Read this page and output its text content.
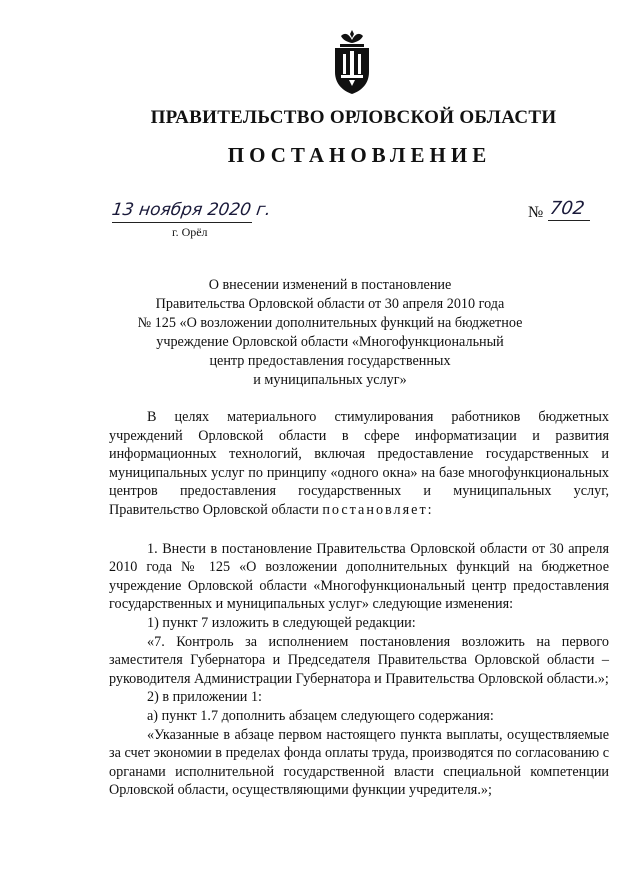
ПРАВИТЕЛЬСТВО ОРЛОВСКОЙ ОБЛАСТИ
ПОСТАНОВЛЕНИЕ
13 ноября 2020 г.
г. Орёл
№ 702
О внесении изменений в постановление
Правительства Орловской области от 30 апреля 2010 года
№ 125 «О возложении дополнительных функций на бюджетное
учреждение Орловской области «Многофункциональный
центр предоставления государственных
и муниципальных услуг»

В целях материального стимулирования работников бюджетных учреждений Орловской области в сфере информатизации и развития информационных технологий, включая предоставление государственных и муниципальных услуг по принципу «одного окна» на базе многофункциональных центров предоставления государственных и муниципальных услуг, Правительство Орловской области постановляет:

1. Внести в постановление Правительства Орловской области от 30 апреля 2010 года № 125 «О возложении дополнительных функций на бюджетное учреждение Орловской области «Многофункциональный центр предоставления государственных и муниципальных услуг» следующие изменения:

1) пункт 7 изложить в следующей редакции:

«7. Контроль за исполнением постановления возложить на первого заместителя Губернатора и Председателя Правительства Орловской области – руководителя Администрации Губернатора и Правительства Орловской области.»;

2) в приложении 1:

а) пункт 1.7 дополнить абзацем следующего содержания:

«Указанные в абзаце первом настоящего пункта выплаты, осуществляемые за счет экономии в пределах фонда оплаты труда, производятся по согласованию с органами исполнительной государственной власти специальной компетенции Орловской области, осуществляющими функции учредителя.»;
